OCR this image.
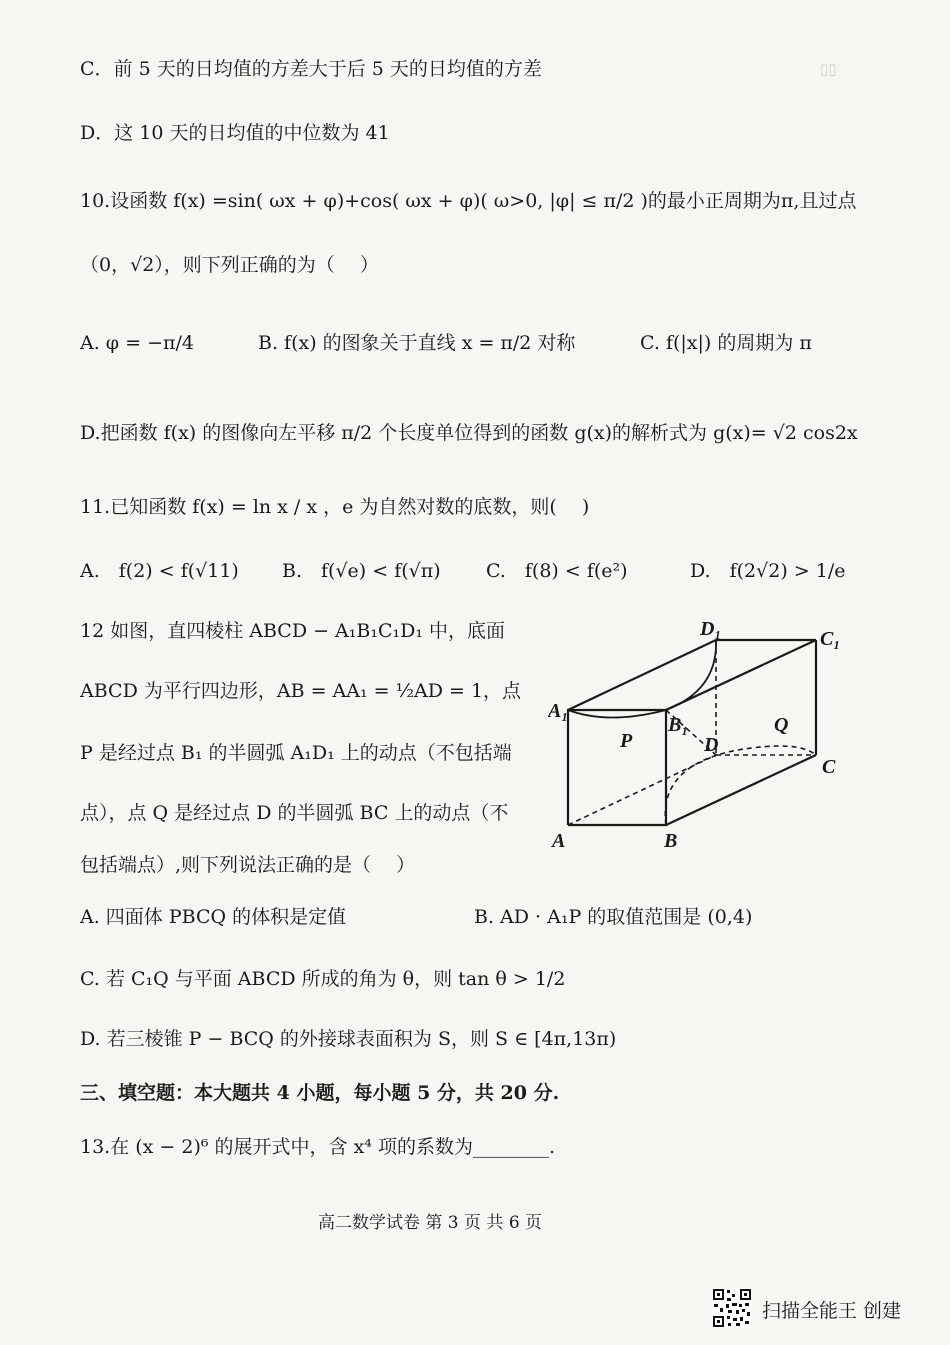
▯▯
C．前 5 天的日均值的方差大于后 5 天的日均值的方差
D．这 10 天的日均值的中位数为 41
10.设函数 f(x) =sin( ωx + φ)+cos( ωx + φ)( ω>0, |φ| ≤ π/2 )的最小正周期为π,且过点
（0，√2），则下列正确的为（　 ）
A. φ = −π/4	B. f(x) 的图象关于直线 x = π/2 对称	C. f(|x|) 的周期为 π
D.把函数 f(x) 的图像向左平移 π/2 个长度单位得到的函数 g(x)的解析式为 g(x)= √2 cos2x
11.已知函数 f(x) = ln x / x ，e 为自然对数的底数，则(　 )
A.　f(2) < f(√11) B.　f(√e) < f(√π) C.　f(8) < f(e²)	D.　f(2√2) > 1/e
12 如图，直四棱柱 ABCD − A₁B₁C₁D₁ 中，底面
ABCD 为平行四边形，AB = AA₁ = ½AD = 1，点
P 是经过点 B₁ 的半圆弧 A₁D₁ 上的动点（不包括端
点），点 Q 是经过点 D 的半圆弧 BC 上的动点（不
包括端点）,则下列说法正确的是（　 ）
A	B
C
D
A₁
B₁
C₁
D₁
P
Q
A. 四面体 PBCQ 的体积是定值	B. AD · A₁P 的取值范围是 (0,4)
C. 若 C₁Q 与平面 ABCD 所成的角为 θ，则 tan θ > 1/2
D. 若三棱锥 P − BCQ 的外接球表面积为 S，则 S ∈ [4π,13π)
三、填空题：本大题共 4 小题，每小题 5 分，共 20 分.
13.在 (x − 2)⁶ 的展开式中，含 x⁴ 项的系数为________.
高二数学试卷 第 3 页 共 6 页
扫描全能王 创建
